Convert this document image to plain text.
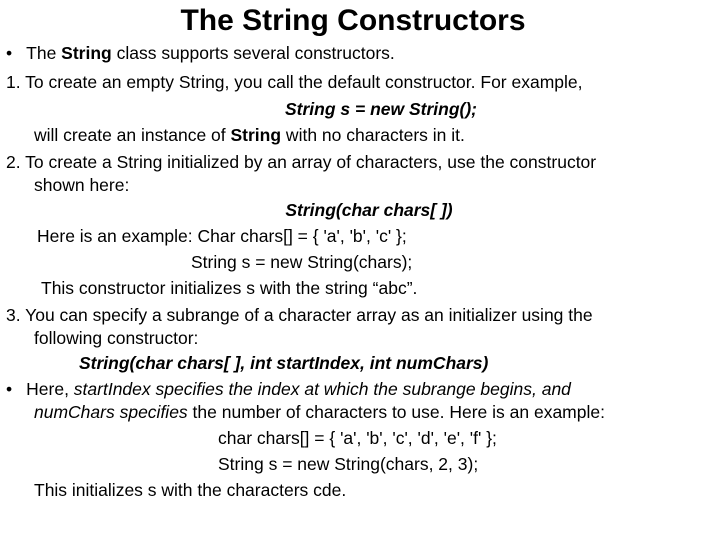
The String Constructors
• The String class supports several constructors.
1. To create an empty String, you call the default constructor. For example,
String s = new String();
will create an instance of String with no characters in it.
2. To create a String initialized by an array of characters, use the constructor
shown here:
String(char chars[ ])
Here is an example: Char chars[] = { 'a', 'b', 'c' };
String s = new String(chars);
This constructor initializes s with the string “abc”.
3. You can specify a subrange of a character array as an initializer using the
following constructor:
String(char chars[ ], int startIndex, int numChars)
• Here, startIndex specifies the index at which the subrange begins, and
numChars specifies the number of characters to use. Here is an example:
char chars[] = { 'a', 'b', 'c', 'd', 'e', 'f' };
String s = new String(chars, 2, 3);
This initializes s with the characters cde.
